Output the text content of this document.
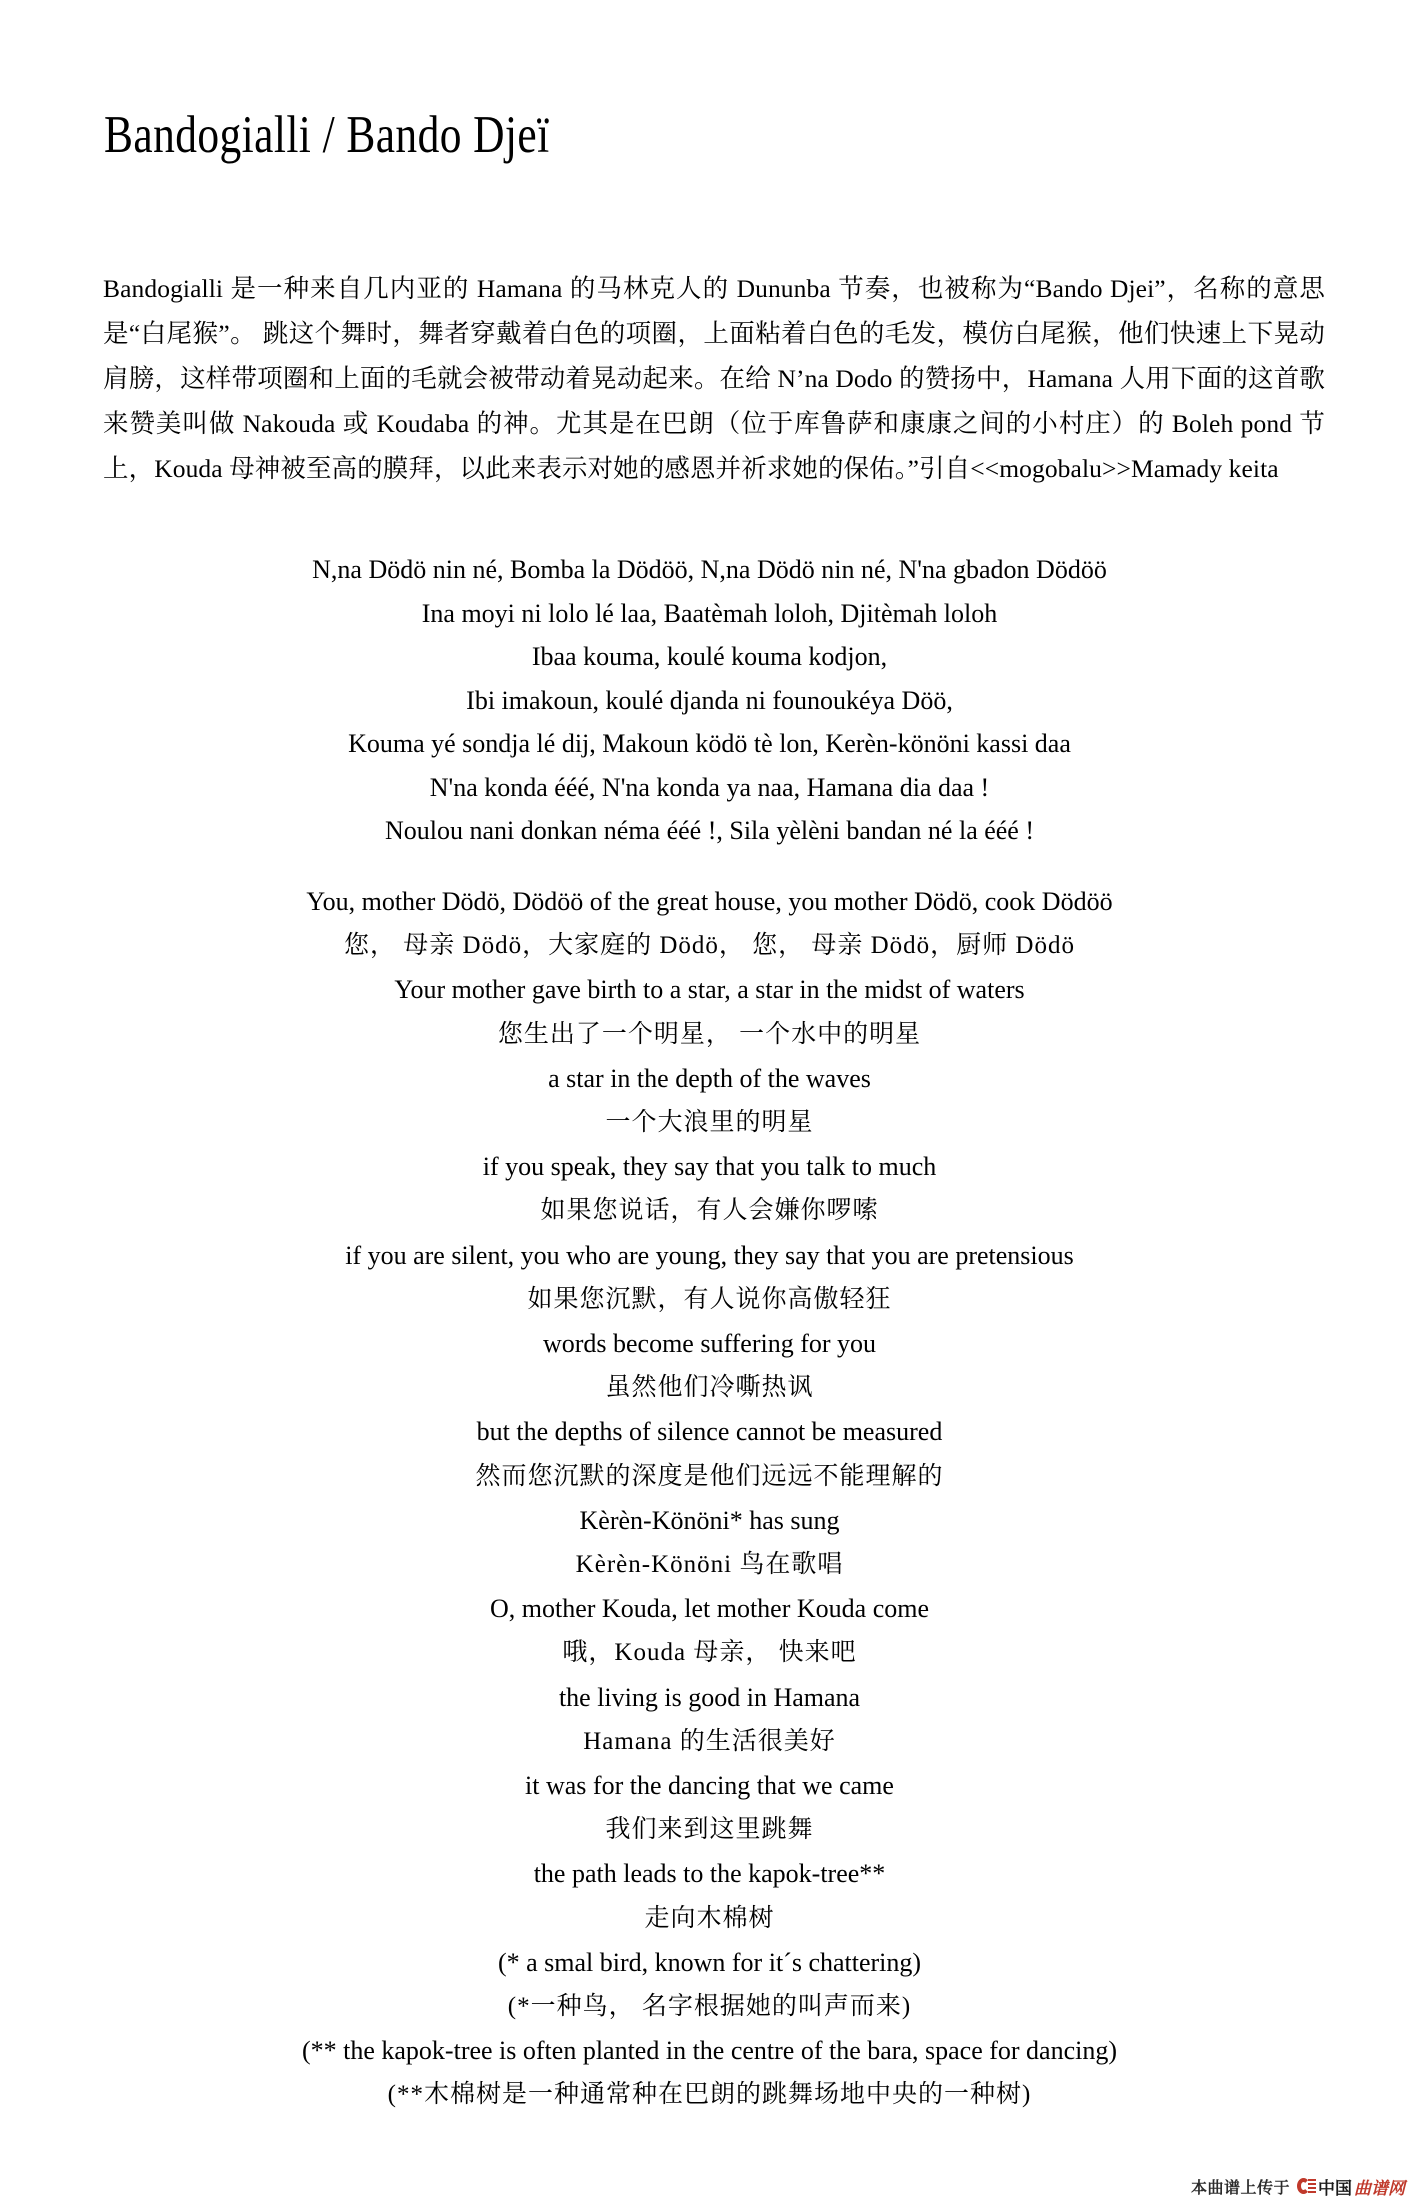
Bandogialli / Bando Djeï

Bandogialli 是一种来自几内亚的 Hamana 的马林克人的 Dununba 节奏，也被称为“Bando Djei”，名称的意思是“白尾猴”。 跳这个舞时，舞者穿戴着白色的项圈，上面粘着白色的毛发，模仿白尾猴，他们快速上下晃动肩膀，这样带项圈和上面的毛就会被带动着晃动起来。在给 N’na Dodo 的赞扬中，Hamana 人用下面的这首歌来赞美叫做 Nakouda 或 Koudaba 的神。尤其是在巴朗（位于库鲁萨和康康之间的小村庄）的 Boleh pond 节上，Kouda 母神被至高的膜拜，以此来表示对她的感恩并祈求她的保佑。”引自<<mogobalu>>Mamady keita

N,na Dödö nin né, Bomba la Dödöö, N,na Dödö nin né, N'na gbadon Dödöö
Ina moyi ni lolo lé laa, Baatèmah loloh, Djitèmah loloh
Ibaa kouma, koulé kouma kodjon,
Ibi imakoun, koulé djanda ni founoukéya Döö,
Kouma yé sondja lé dij, Makoun ködö tè lon, Kerèn-könöni kassi daa
N'na konda ééé, N'na konda ya naa, Hamana dia daa !
Noulou nani donkan néma ééé !, Sila yèlèni bandan né la ééé !
You, mother Dödö, Dödöö of the great house, you mother Dödö, cook Dödöö
您， 母亲 Dödö，大家庭的 Dödö， 您， 母亲 Dödö，厨师 Dödö
Your mother gave birth to a star, a star in the midst of waters
您生出了一个明星， 一个水中的明星
a star in the depth of the waves
一个大浪里的明星
if you speak, they say that you talk to much
如果您说话，有人会嫌你啰嗦
if you are silent, you who are young, they say that you are pretensious
如果您沉默，有人说你高傲轻狂
words become suffering for you
虽然他们冷嘶热讽
but the depths of silence cannot be measured
然而您沉默的深度是他们远远不能理解的
Kèrèn-Könöni* has sung
Kèrèn-Könöni 鸟在歌唱
O, mother Kouda, let mother Kouda come
哦，Kouda 母亲， 快来吧
the living is good in Hamana
Hamana 的生活很美好
it was for the dancing that we came
我们来到这里跳舞
the path leads to the kapok-tree**
走向木棉树
(* a smal bird, known for it´s chattering)
(*一种鸟， 名字根据她的叫声而来)
(** the kapok-tree is often planted in the centre of the bara, space for dancing)
(**木棉树是一种通常种在巴朗的跳舞场地中央的一种树)
本曲谱上传于 中国 曲谱网
